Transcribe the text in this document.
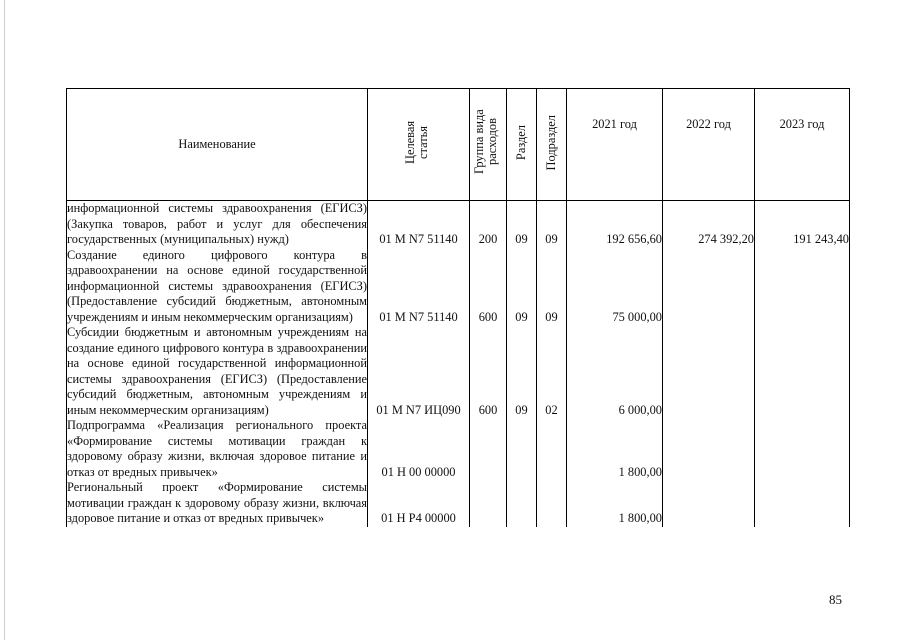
Наименование	Целевая статья	Группа вида расходов	Раздел	Подраздел	2021 год	2022 год	2023 год

информационной системы здравоохранения (ЕГИСЗ) (Закупка товаров, работ и услуг для обеспечения государственных (муниципальных) нужд)	01 M N7 51140	200	09	09	192 656,60	274 392,20	191 243,40

Создание единого цифрового контура в здравоохранении на основе единой государственной информационной системы здравоохранения (ЕГИСЗ) (Предоставление субсидий бюджетным, автономным учреждениям и иным некоммерческим организациям)	01 M N7 51140	600	09	09	75 000,00		

Субсидии бюджетным и автономным учреждениям на создание единого цифрового контура в здравоохранении на основе единой государственной информационной системы здравоохранения (ЕГИСЗ) (Предоставление субсидий бюджетным, автономным учреждениям и иным некоммерческим организациям)	01 M N7 ИЦ090	600	09	02	6 000,00		

Подпрограмма «Реализация регионального проекта «Формирование системы мотивации граждан к здоровому образу жизни, включая здоровое питание и отказ от вредных привычек»	01 Н 00 00000				1 800,00		

Региональный проект «Формирование системы мотивации граждан к здоровому образу жизни, включая здоровое питание и отказ от вредных привычек»	01 Н P4 00000				1 800,00		
85
